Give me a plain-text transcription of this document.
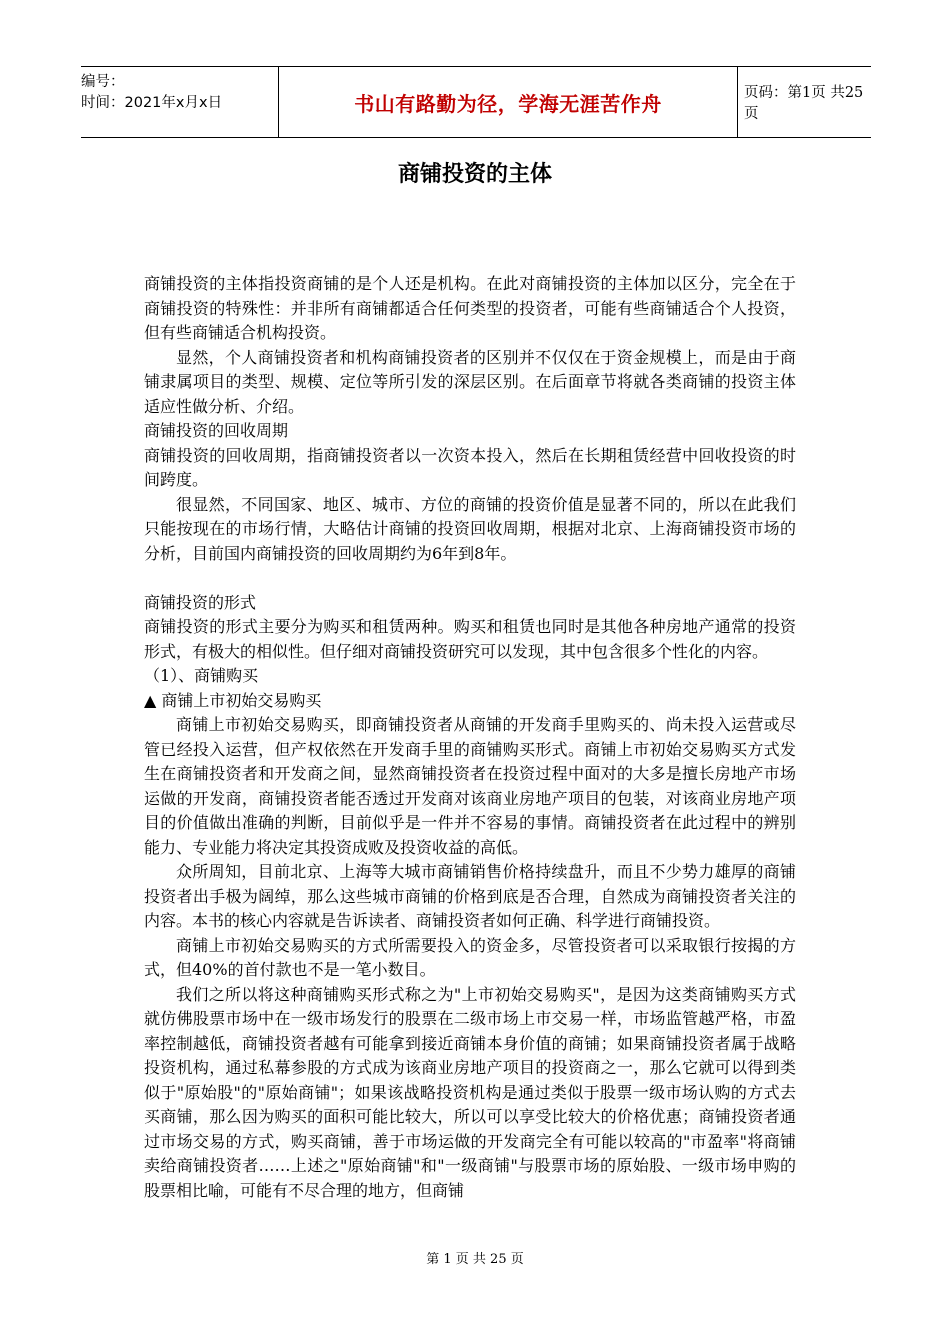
编号：
时间：2021年x月x日	书山有路勤为径，学海无涯苦作舟	页码：第1页 共25页
商铺投资的主体

商铺投资的主体指投资商铺的是个人还是机构。在此对商铺投资的主体加以区分，完全在于商铺投资的特殊性：并非所有商铺都适合任何类型的投资者，可能有些商铺适合个人投资，但有些商铺适合机构投资。

显然，个人商铺投资者和机构商铺投资者的区别并不仅仅在于资金规模上，而是由于商铺隶属项目的类型、规模、定位等所引发的深层区别。在后面章节将就各类商铺的投资主体适应性做分析、介绍。

商铺投资的回收周期

商铺投资的回收周期，指商铺投资者以一次资本投入，然后在长期租赁经营中回收投资的时间跨度。

很显然，不同国家、地区、城市、方位的商铺的投资价值是显著不同的，所以在此我们只能按现在的市场行情，大略估计商铺的投资回收周期，根据对北京、上海商铺投资市场的分析，目前国内商铺投资的回收周期约为6年到8年。

商铺投资的形式

商铺投资的形式主要分为购买和租赁两种。购买和租赁也同时是其他各种房地产通常的投资形式，有极大的相似性。但仔细对商铺投资研究可以发现，其中包含很多个性化的内容。

（1）、商铺购买

▲ 商铺上市初始交易购买

商铺上市初始交易购买，即商铺投资者从商铺的开发商手里购买的、尚未投入运营或尽管已经投入运营，但产权依然在开发商手里的商铺购买形式。商铺上市初始交易购买方式发生在商铺投资者和开发商之间，显然商铺投资者在投资过程中面对的大多是擅长房地产市场运做的开发商，商铺投资者能否透过开发商对该商业房地产项目的包装，对该商业房地产项目的价值做出准确的判断，目前似乎是一件并不容易的事情。商铺投资者在此过程中的辨别能力、专业能力将决定其投资成败及投资收益的高低。

众所周知，目前北京、上海等大城市商铺销售价格持续盘升，而且不少势力雄厚的商铺投资者出手极为阔绰，那么这些城市商铺的价格到底是否合理，自然成为商铺投资者关注的内容。本书的核心内容就是告诉读者、商铺投资者如何正确、科学进行商铺投资。

商铺上市初始交易购买的方式所需要投入的资金多，尽管投资者可以采取银行按揭的方式，但40%的首付款也不是一笔小数目。

我们之所以将这种商铺购买形式称之为"上市初始交易购买"，是因为这类商铺购买方式就仿佛股票市场中在一级市场发行的股票在二级市场上市交易一样，市场监管越严格，市盈率控制越低，商铺投资者越有可能拿到接近商铺本身价值的商铺；如果商铺投资者属于战略投资机构，通过私幕参股的方式成为该商业房地产项目的投资商之一，那么它就可以得到类似于"原始股"的"原始商铺"；如果该战略投资机构是通过类似于股票一级市场认购的方式去买商铺，那么因为购买的面积可能比较大，所以可以享受比较大的价格优惠；商铺投资者通过市场交易的方式，购买商铺，善于市场运做的开发商完全有可能以较高的"市盈率"将商铺卖给商铺投资者……上述之"原始商铺"和"一级商铺"与股票市场的原始股、一级市场申购的股票相比喻，可能有不尽合理的地方，但商铺

第 1 页 共 25 页
